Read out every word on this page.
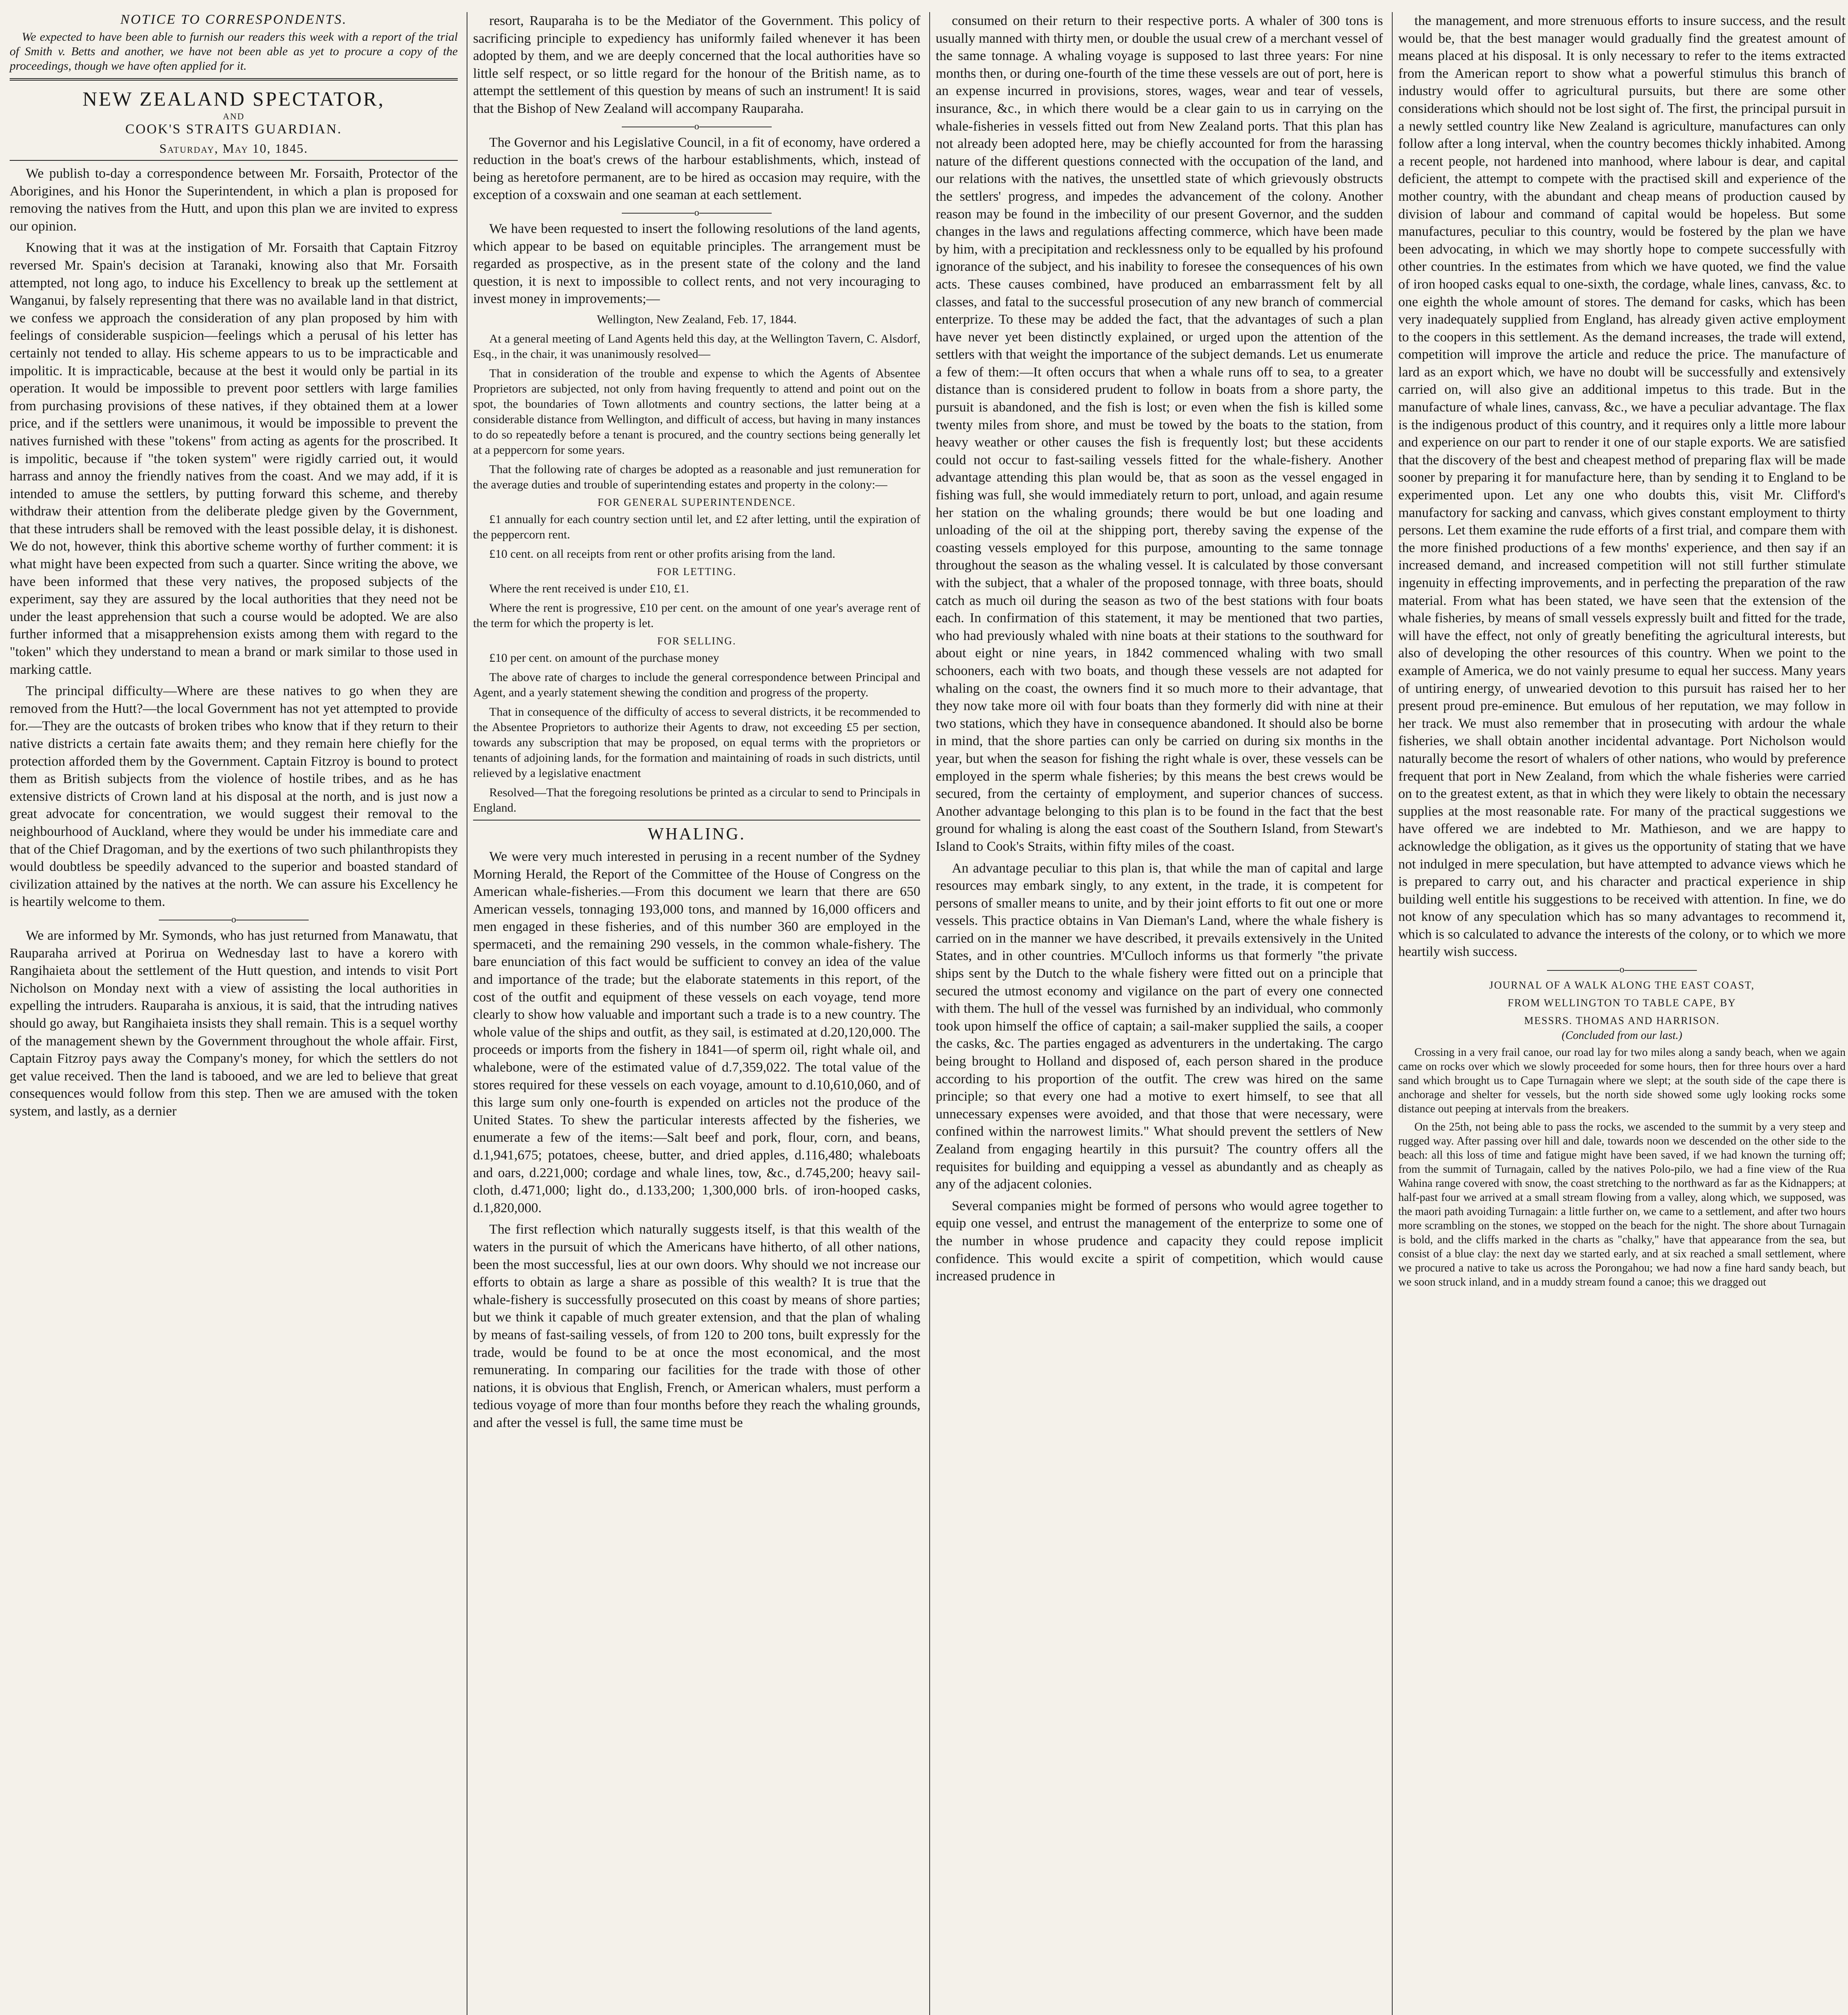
NOTICE TO CORRESPONDENTS.

We expected to have been able to furnish our readers this week with a report of the trial of Smith v. Betts and another, we have not been able as yet to procure a copy of the proceedings, though we have often applied for it.

NEW ZEALAND SPECTATOR,
AND
COOK'S STRAITS GUARDIAN.
Saturday, May 10, 1845.

We publish to-day a correspondence between Mr. Forsaith, Protector of the Aborigines, and his Honor the Superintendent, in which a plan is proposed for removing the natives from the Hutt, and upon this plan we are invited to express our opinion.

Knowing that it was at the instigation of Mr. Forsaith that Captain Fitzroy reversed Mr. Spain's decision at Taranaki, knowing also that Mr. Forsaith attempted, not long ago, to induce his Excellency to break up the settlement at Wanganui, by falsely representing that there was no available land in that district, we confess we approach the consideration of any plan proposed by him with feelings of considerable suspicion—feelings which a perusal of his letter has certainly not tended to allay. His scheme appears to us to be impracticable and impolitic. It is impracticable, because at the best it would only be partial in its operation. It would be impossible to prevent poor settlers with large families from purchasing provisions of these natives, if they obtained them at a lower price, and if the settlers were unanimous, it would be impossible to prevent the natives furnished with these "tokens" from acting as agents for the proscribed. It is impolitic, because if "the token system" were rigidly carried out, it would harrass and annoy the friendly natives from the coast. And we may add, if it is intended to amuse the settlers, by putting forward this scheme, and thereby withdraw their attention from the deliberate pledge given by the Government, that these intruders shall be removed with the least possible delay, it is dishonest. We do not, however, think this abortive scheme worthy of further comment: it is what might have been expected from such a quarter. Since writing the above, we have been informed that these very natives, the proposed subjects of the experiment, say they are assured by the local authorities that they need not be under the least apprehension that such a course would be adopted. We are also further informed that a misapprehension exists among them with regard to the "token" which they understand to mean a brand or mark similar to those used in marking cattle.

The principal difficulty—Where are these natives to go when they are removed from the Hutt?—the local Government has not yet attempted to provide for.—They are the outcasts of broken tribes who know that if they return to their native districts a certain fate awaits them; and they remain here chiefly for the protection afforded them by the Government. Captain Fitzroy is bound to protect them as British subjects from the violence of hostile tribes, and as he has extensive districts of Crown land at his disposal at the north, and is just now a great advocate for concentration, we would suggest their removal to the neighbourhood of Auckland, where they would be under his immediate care and that of the Chief Dragoman, and by the exertions of two such philanthropists they would doubtless be speedily advanced to the superior and boasted standard of civilization attained by the natives at the north. We can assure his Excellency he is heartily welcome to them.

o

We are informed by Mr. Symonds, who has just returned from Manawatu, that Rauparaha arrived at Porirua on Wednesday last to have a korero with Rangihaieta about the settlement of the Hutt question, and intends to visit Port Nicholson on Monday next with a view of assisting the local authorities in expelling the intruders. Rauparaha is anxious, it is said, that the intruding natives should go away, but Rangihaieta insists they shall remain. This is a sequel worthy of the management shewn by the Government throughout the whole affair. First, Captain Fitzroy pays away the Company's money, for which the settlers do not get value received. Then the land is tabooed, and we are led to believe that great consequences would follow from this step. Then we are amused with the token system, and lastly, as a dernier

resort, Rauparaha is to be the Mediator of the Government. This policy of sacrificing principle to expediency has uniformly failed whenever it has been adopted by them, and we are deeply concerned that the local authorities have so little self respect, or so little regard for the honour of the British name, as to attempt the settlement of this question by means of such an instrument! It is said that the Bishop of New Zealand will accompany Rauparaha.

o

The Governor and his Legislative Council, in a fit of economy, have ordered a reduction in the boat's crews of the harbour establishments, which, instead of being as heretofore permanent, are to be hired as occasion may require, with the exception of a coxswain and one seaman at each settlement.

o

We have been requested to insert the following resolutions of the land agents, which appear to be based on equitable principles. The arrangement must be regarded as prospective, as in the present state of the colony and the land question, it is next to impossible to collect rents, and not very incouraging to invest money in improvements;—

Wellington, New Zealand, Feb. 17, 1844.

At a general meeting of Land Agents held this day, at the Wellington Tavern, C. Alsdorf, Esq., in the chair, it was unanimously resolved—

That in consideration of the trouble and expense to which the Agents of Absentee Proprietors are subjected, not only from having frequently to attend and point out on the spot, the boundaries of Town allotments and country sections, the latter being at a considerable distance from Wellington, and difficult of access, but having in many instances to do so repeatedly before a tenant is procured, and the country sections being generally let at a peppercorn for some years.

That the following rate of charges be adopted as a reasonable and just remuneration for the average duties and trouble of superintending estates and property in the colony:—

FOR GENERAL SUPERINTENDENCE.

£1 annually for each country section until let, and £2 after letting, until the expiration of the peppercorn rent.

£10 cent. on all receipts from rent or other profits arising from the land.

FOR LETTING.

Where the rent received is under £10, £1.

Where the rent is progressive, £10 per cent. on the amount of one year's average rent of the term for which the property is let.

FOR SELLING.

£10 per cent. on amount of the purchase money

The above rate of charges to include the general correspondence between Principal and Agent, and a yearly statement shewing the condition and progress of the property.

That in consequence of the difficulty of access to several districts, it be recommended to the Absentee Proprietors to authorize their Agents to draw, not exceeding £5 per section, towards any subscription that may be proposed, on equal terms with the proprietors or tenants of adjoining lands, for the formation and maintaining of roads in such districts, until relieved by a legislative enactment

Resolved—That the foregoing resolutions be printed as a circular to send to Principals in England.

WHALING.

We were very much interested in perusing in a recent number of the Sydney Morning Herald, the Report of the Committee of the House of Congress on the American whale-fisheries.—From this document we learn that there are 650 American vessels, tonnaging 193,000 tons, and manned by 16,000 officers and men engaged in these fisheries, and of this number 360 are employed in the spermaceti, and the remaining 290 vessels, in the common whale-fishery. The bare enunciation of this fact would be sufficient to convey an idea of the value and importance of the trade; but the elaborate statements in this report, of the cost of the outfit and equipment of these vessels on each voyage, tend more clearly to show how valuable and important such a trade is to a new country. The whole value of the ships and outfit, as they sail, is estimated at d.20,120,000. The proceeds or imports from the fishery in 1841—of sperm oil, right whale oil, and whalebone, were of the estimated value of d.7,359,022. The total value of the stores required for these vessels on each voyage, amount to d.10,610,060, and of this large sum only one-fourth is expended on articles not the produce of the United States. To shew the particular interests affected by the fisheries, we enumerate a few of the items:—Salt beef and pork, flour, corn, and beans, d.1,941,675; potatoes, cheese, butter, and dried apples, d.116,480; whaleboats and oars, d.221,000; cordage and whale lines, tow, &c., d.745,200; heavy sail-cloth, d.471,000; light do., d.133,200; 1,300,000 brls. of iron-hooped casks, d.1,820,000.

The first reflection which naturally suggests itself, is that this wealth of the waters in the pursuit of which the Americans have hitherto, of all other nations, been the most successful, lies at our own doors. Why should we not increase our efforts to obtain as large a share as possible of this wealth? It is true that the whale-fishery is successfully prosecuted on this coast by means of shore parties; but we think it capable of much greater extension, and that the plan of whaling by means of fast-sailing vessels, of from 120 to 200 tons, built expressly for the trade, would be found to be at once the most economical, and the most remunerating. In comparing our facilities for the trade with those of other nations, it is obvious that English, French, or American whalers, must perform a tedious voyage of more than four months before they reach the whaling grounds, and after the vessel is full, the same time must be

consumed on their return to their respective ports. A whaler of 300 tons is usually manned with thirty men, or double the usual crew of a merchant vessel of the same tonnage. A whaling voyage is supposed to last three years: For nine months then, or during one-fourth of the time these vessels are out of port, here is an expense incurred in provisions, stores, wages, wear and tear of vessels, insurance, &c., in which there would be a clear gain to us in carrying on the whale-fisheries in vessels fitted out from New Zealand ports. That this plan has not already been adopted here, may be chiefly accounted for from the harassing nature of the different questions connected with the occupation of the land, and our relations with the natives, the unsettled state of which grievously obstructs the settlers' progress, and impedes the advancement of the colony. Another reason may be found in the imbecility of our present Governor, and the sudden changes in the laws and regulations affecting commerce, which have been made by him, with a precipitation and recklessness only to be equalled by his profound ignorance of the subject, and his inability to foresee the consequences of his own acts. These causes combined, have produced an embarrassment felt by all classes, and fatal to the successful prosecution of any new branch of commercial enterprize. To these may be added the fact, that the advantages of such a plan have never yet been distinctly explained, or urged upon the attention of the settlers with that weight the importance of the subject demands. Let us enumerate a few of them:—It often occurs that when a whale runs off to sea, to a greater distance than is considered prudent to follow in boats from a shore party, the pursuit is abandoned, and the fish is lost; or even when the fish is killed some twenty miles from shore, and must be towed by the boats to the station, from heavy weather or other causes the fish is frequently lost; but these accidents could not occur to fast-sailing vessels fitted for the whale-fishery. Another advantage attending this plan would be, that as soon as the vessel engaged in fishing was full, she would immediately return to port, unload, and again resume her station on the whaling grounds; there would be but one loading and unloading of the oil at the shipping port, thereby saving the expense of the coasting vessels employed for this purpose, amounting to the same tonnage throughout the season as the whaling vessel. It is calculated by those conversant with the subject, that a whaler of the proposed tonnage, with three boats, should catch as much oil during the season as two of the best stations with four boats each. In confirmation of this statement, it may be mentioned that two parties, who had previously whaled with nine boats at their stations to the southward for about eight or nine years, in 1842 commenced whaling with two small schooners, each with two boats, and though these vessels are not adapted for whaling on the coast, the owners find it so much more to their advantage, that they now take more oil with four boats than they formerly did with nine at their two stations, which they have in consequence abandoned. It should also be borne in mind, that the shore parties can only be carried on during six months in the year, but when the season for fishing the right whale is over, these vessels can be employed in the sperm whale fisheries; by this means the best crews would be secured, from the certainty of employment, and superior chances of success. Another advantage belonging to this plan is to be found in the fact that the best ground for whaling is along the east coast of the Southern Island, from Stewart's Island to Cook's Straits, within fifty miles of the coast.

An advantage peculiar to this plan is, that while the man of capital and large resources may embark singly, to any extent, in the trade, it is competent for persons of smaller means to unite, and by their joint efforts to fit out one or more vessels. This practice obtains in Van Dieman's Land, where the whale fishery is carried on in the manner we have described, it prevails extensively in the United States, and in other countries. M'Culloch informs us that formerly "the private ships sent by the Dutch to the whale fishery were fitted out on a principle that secured the utmost economy and vigilance on the part of every one connected with them. The hull of the vessel was furnished by an individual, who commonly took upon himself the office of captain; a sail-maker supplied the sails, a cooper the casks, &c. The parties engaged as adventurers in the undertaking. The cargo being brought to Holland and disposed of, each person shared in the produce according to his proportion of the outfit. The crew was hired on the same principle; so that every one had a motive to exert himself, to see that all unnecessary expenses were avoided, and that those that were necessary, were confined within the narrowest limits." What should prevent the settlers of New Zealand from engaging heartily in this pursuit? The country offers all the requisites for building and equipping a vessel as abundantly and as cheaply as any of the adjacent colonies.

Several companies might be formed of persons who would agree together to equip one vessel, and entrust the management of the enterprize to some one of the number in whose prudence and capacity they could repose implicit confidence. This would excite a spirit of competition, which would cause increased prudence in

the management, and more strenuous efforts to insure success, and the result would be, that the best manager would gradually find the greatest amount of means placed at his disposal. It is only necessary to refer to the items extracted from the American report to show what a powerful stimulus this branch of industry would offer to agricultural pursuits, but there are some other considerations which should not be lost sight of. The first, the principal pursuit in a newly settled country like New Zealand is agriculture, manufactures can only follow after a long interval, when the country becomes thickly inhabited. Among a recent people, not hardened into manhood, where labour is dear, and capital deficient, the attempt to compete with the practised skill and experience of the mother country, with the abundant and cheap means of production caused by division of labour and command of capital would be hopeless. But some manufactures, peculiar to this country, would be fostered by the plan we have been advocating, in which we may shortly hope to compete successfully with other countries. In the estimates from which we have quoted, we find the value of iron hooped casks equal to one-sixth, the cordage, whale lines, canvass, &c. to one eighth the whole amount of stores. The demand for casks, which has been very inadequately supplied from England, has already given active employment to the coopers in this settlement. As the demand increases, the trade will extend, competition will improve the article and reduce the price. The manufacture of lard as an export which, we have no doubt will be successfully and extensively carried on, will also give an additional impetus to this trade. But in the manufacture of whale lines, canvass, &c., we have a peculiar advantage. The flax is the indigenous product of this country, and it requires only a little more labour and experience on our part to render it one of our staple exports. We are satisfied that the discovery of the best and cheapest method of preparing flax will be made sooner by preparing it for manufacture here, than by sending it to England to be experimented upon. Let any one who doubts this, visit Mr. Clifford's manufactory for sacking and canvass, which gives constant employment to thirty persons. Let them examine the rude efforts of a first trial, and compare them with the more finished productions of a few months' experience, and then say if an increased demand, and increased competition will not still further stimulate ingenuity in effecting improvements, and in perfecting the preparation of the raw material. From what has been stated, we have seen that the extension of the whale fisheries, by means of small vessels expressly built and fitted for the trade, will have the effect, not only of greatly benefiting the agricultural interests, but also of developing the other resources of this country. When we point to the example of America, we do not vainly presume to equal her success. Many years of untiring energy, of unwearied devotion to this pursuit has raised her to her present proud pre-eminence. But emulous of her reputation, we may follow in her track. We must also remember that in prosecuting with ardour the whale fisheries, we shall obtain another incidental advantage. Port Nicholson would naturally become the resort of whalers of other nations, who would by preference frequent that port in New Zealand, from which the whale fisheries were carried on to the greatest extent, as that in which they were likely to obtain the necessary supplies at the most reasonable rate. For many of the practical suggestions we have offered we are indebted to Mr. Mathieson, and we are happy to acknowledge the obligation, as it gives us the opportunity of stating that we have not indulged in mere speculation, but have attempted to advance views which he is prepared to carry out, and his character and practical experience in ship building well entitle his suggestions to be received with attention. In fine, we do not know of any speculation which has so many advantages to recommend it, which is so calculated to advance the interests of the colony, or to which we more heartily wish success.

o
JOURNAL OF A WALK ALONG THE EAST COAST,
FROM WELLINGTON TO TABLE CAPE, BY
MESSRS. THOMAS AND HARRISON.
(Concluded from our last.)

Crossing in a very frail canoe, our road lay for two miles along a sandy beach, when we again came on rocks over which we slowly proceeded for some hours, then for three hours over a hard sand which brought us to Cape Turnagain where we slept; at the south side of the cape there is anchorage and shelter for vessels, but the north side showed some ugly looking rocks some distance out peeping at intervals from the breakers.

On the 25th, not being able to pass the rocks, we ascended to the summit by a very steep and rugged way. After passing over hill and dale, towards noon we descended on the other side to the beach: all this loss of time and fatigue might have been saved, if we had known the turning off; from the summit of Turnagain, called by the natives Polo-pilo, we had a fine view of the Rua Wahina range covered with snow, the coast stretching to the northward as far as the Kidnappers; at half-past four we arrived at a small stream flowing from a valley, along which, we supposed, was the maori path avoiding Turnagain: a little further on, we came to a settlement, and after two hours more scrambling on the stones, we stopped on the beach for the night. The shore about Turnagain is bold, and the cliffs marked in the charts as "chalky," have that appearance from the sea, but consist of a blue clay: the next day we started early, and at six reached a small settlement, where we procured a native to take us across the Porongahou; we had now a fine hard sandy beach, but we soon struck inland, and in a muddy stream found a canoe; this we dragged out
